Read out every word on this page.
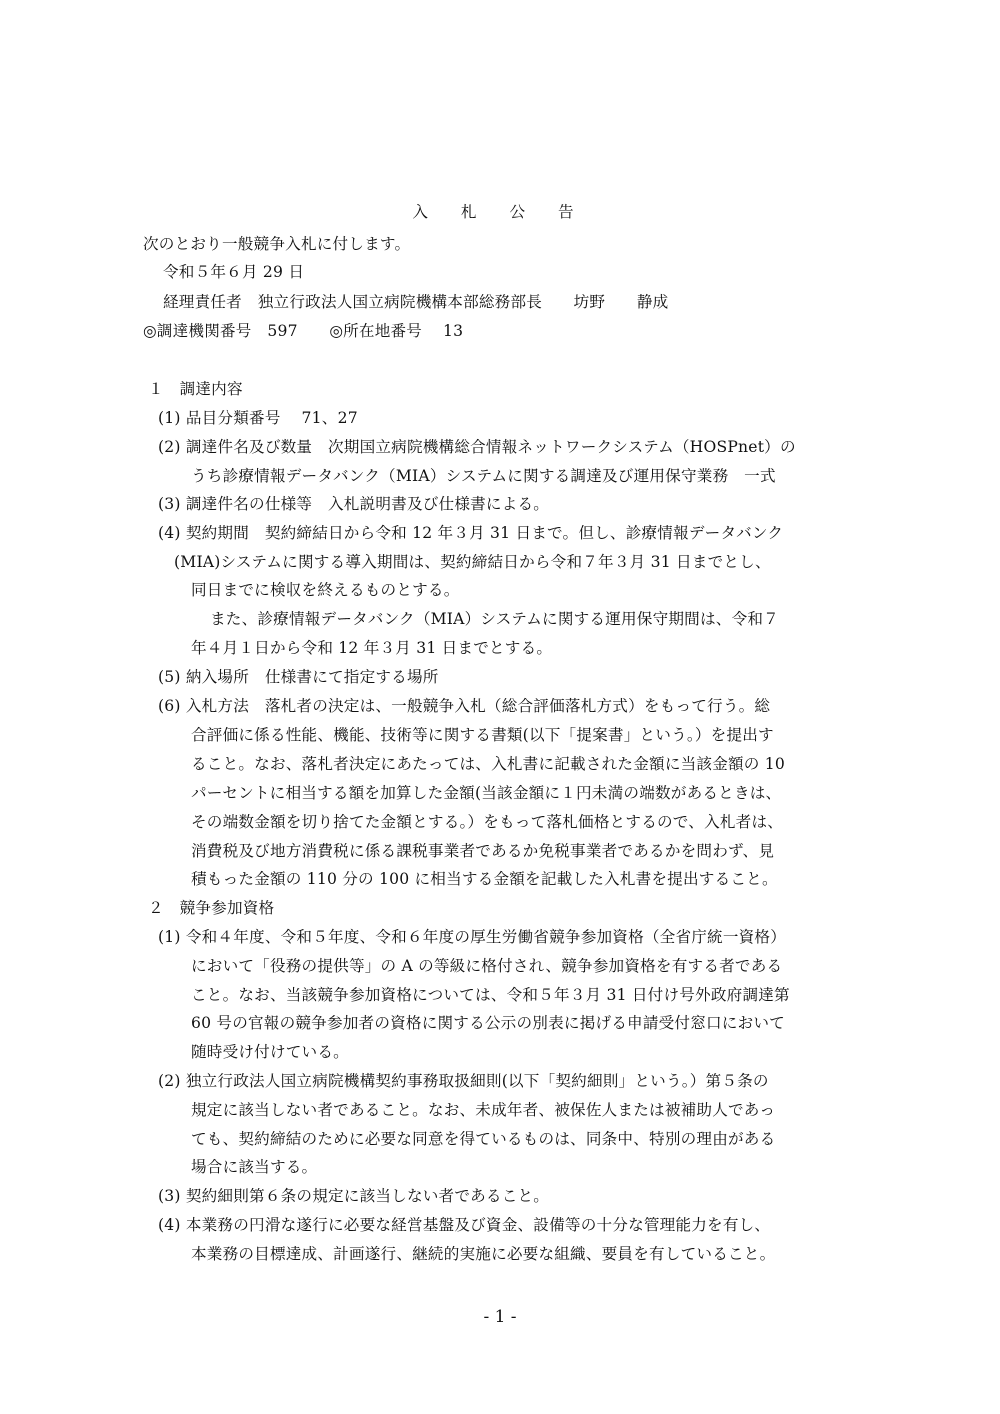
入 札 公 告
次のとおり一般競争入札に付します。
令和５年６月 29 日
経理責任者　独立行政法人国立病院機構本部総務部長　　坊野　　静成
◎調達機関番号　597　　◎所在地番号　 13
１　調達内容
(1) 品目分類番号　 71、27
(2) 調達件名及び数量　次期国立病院機構総合情報ネットワークシステム（HOSPnet）の
うち診療情報データバンク（MIA）システムに関する調達及び運用保守業務　一式
(3) 調達件名の仕様等　入札説明書及び仕様書による。
(4) 契約期間　契約締結日から令和 12 年３月 31 日まで。但し、診療情報データバンク
(MIA)システムに関する導入期間は、契約締結日から令和７年３月 31 日までとし、
同日までに検収を終えるものとする。
また、診療情報データバンク（MIA）システムに関する運用保守期間は、令和７
年４月１日から令和 12 年３月 31 日までとする。
(5) 納入場所　仕様書にて指定する場所
(6) 入札方法　落札者の決定は、一般競争入札（総合評価落札方式）をもって行う。総
合評価に係る性能、機能、技術等に関する書類(以下「提案書」という。）を提出す
ること。なお、落札者決定にあたっては、入札書に記載された金額に当該金額の 10
パーセントに相当する額を加算した金額(当該金額に１円未満の端数があるときは、
その端数金額を切り捨てた金額とする。）をもって落札価格とするので、入札者は、
消費税及び地方消費税に係る課税事業者であるか免税事業者であるかを問わず、見
積もった金額の 110 分の 100 に相当する金額を記載した入札書を提出すること。
２　競争参加資格
(1) 令和４年度、令和５年度、令和６年度の厚生労働省競争参加資格（全省庁統一資格）
において「役務の提供等」の A の等級に格付され、競争参加資格を有する者である
こと。なお、当該競争参加資格については、令和５年３月 31 日付け号外政府調達第
60 号の官報の競争参加者の資格に関する公示の別表に掲げる申請受付窓口において
随時受け付けている。
(2) 独立行政法人国立病院機構契約事務取扱細則(以下「契約細則」という。）第５条の
規定に該当しない者であること。なお、未成年者、被保佐人または被補助人であっ
ても、契約締結のために必要な同意を得ているものは、同条中、特別の理由がある
場合に該当する。
(3) 契約細則第６条の規定に該当しない者であること。
(4) 本業務の円滑な遂行に必要な経営基盤及び資金、設備等の十分な管理能力を有し、
本業務の目標達成、計画遂行、継続的実施に必要な組織、要員を有していること。
- 1 -
